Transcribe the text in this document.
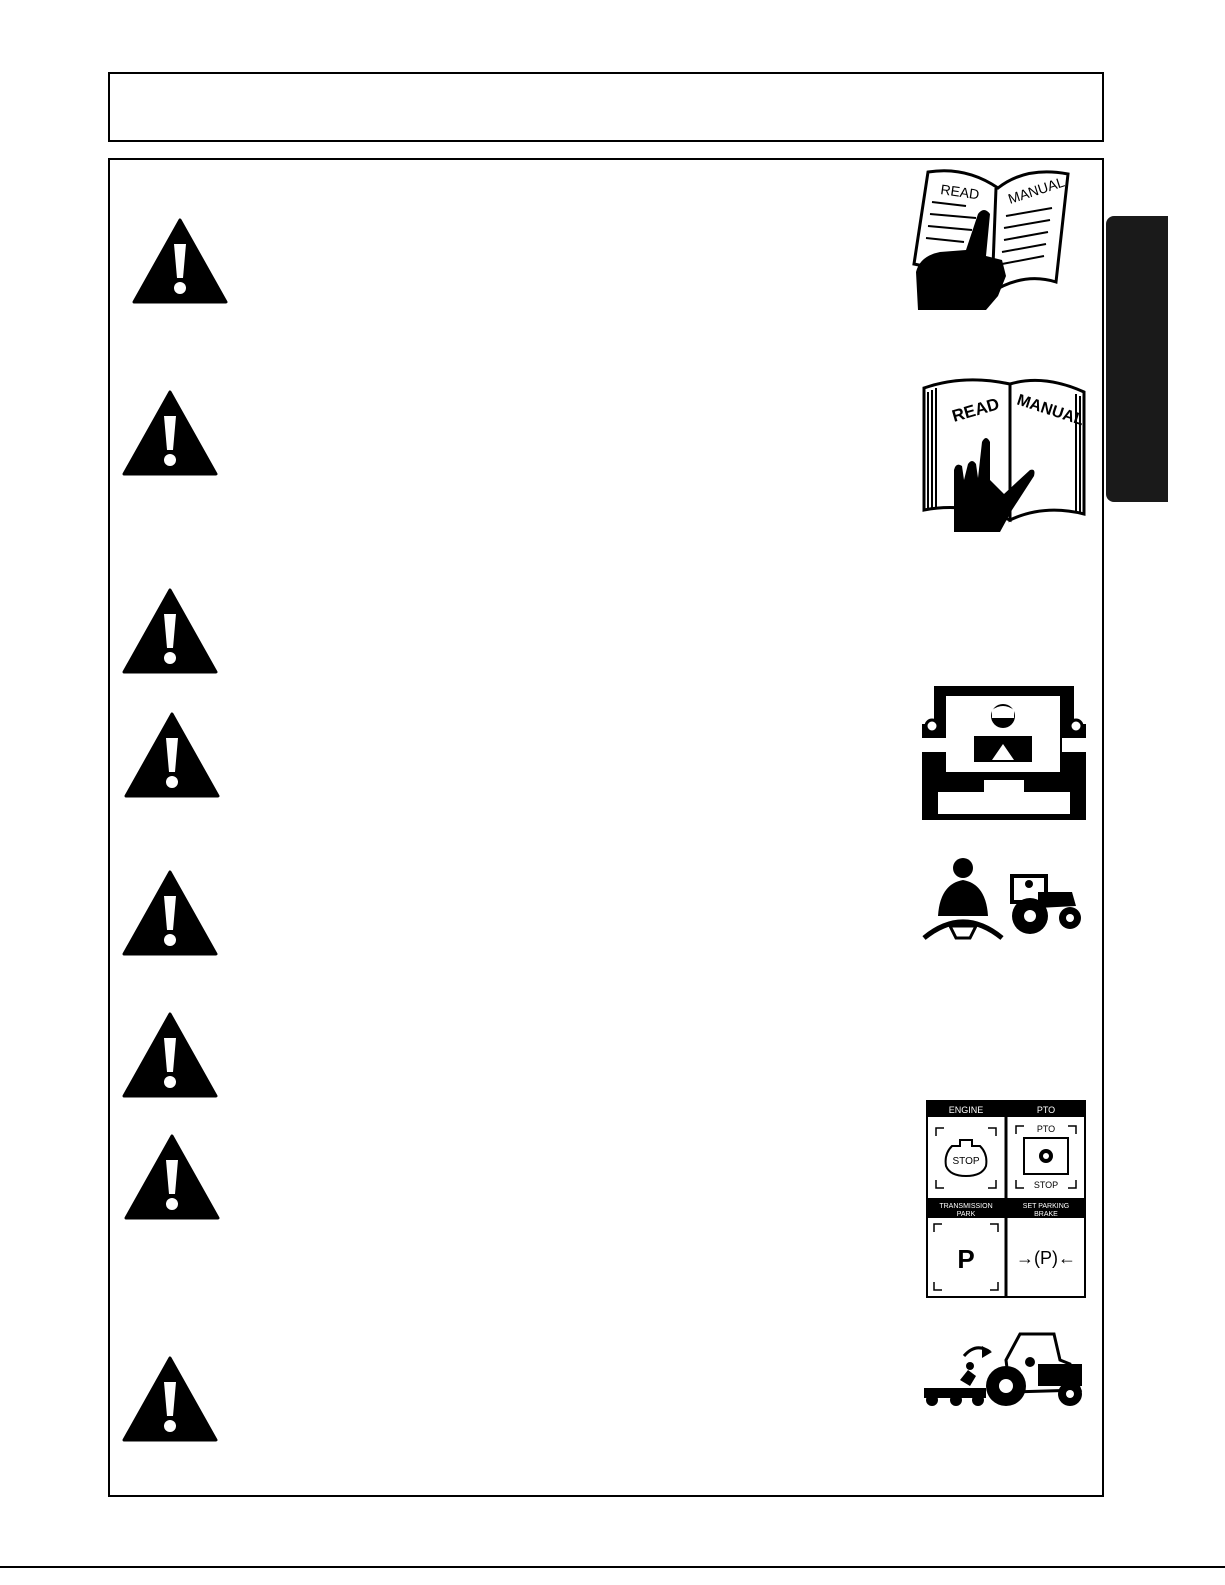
READ MANUAL
READ MANUAL
ENGINE
STOP
PTO
PTO
STOP
TRANSMISSION
PARK
P
SET PARKING
BRAKE
→(P)←
